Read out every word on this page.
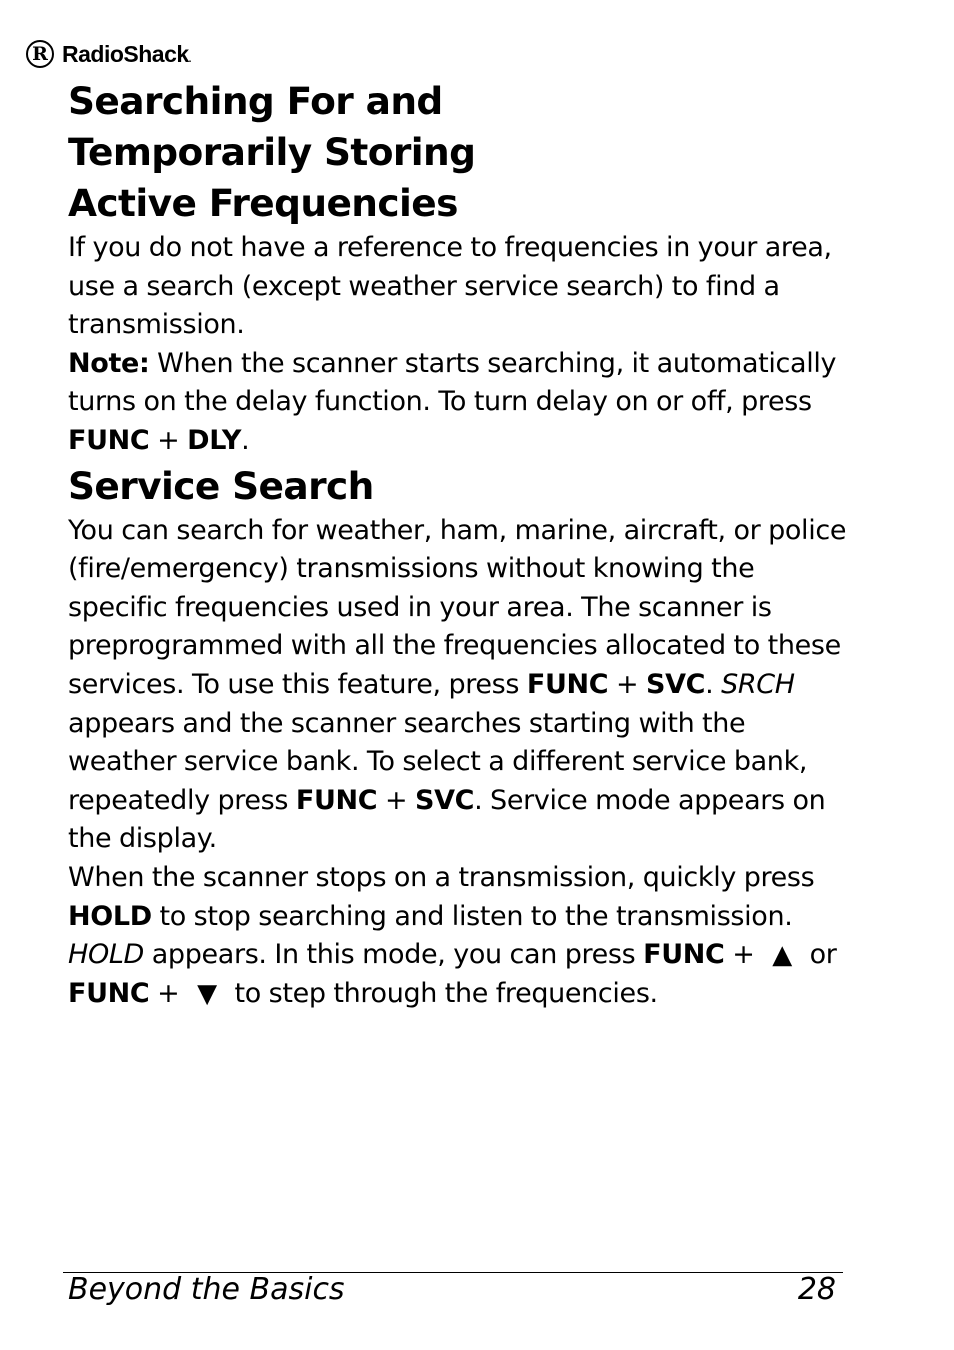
R RadioShack.
Searching For and
Temporarily Storing
Active Frequencies

If you do not have a reference to frequencies in your area, use a search (except weather service search) to find a transmission.

Note: When the scanner starts searching, it automatically turns on the delay function. To turn delay on or off, press FUNC + DLY.

Service Search

You can search for weather, ham, marine, aircraft, or police (fire/emergency) transmissions without knowing the specific frequencies used in your area. The scanner is preprogrammed with all the frequencies allocated to these services. To use this feature, press FUNC + SVC. SRCH appears and the scanner searches starting with the weather service bank. To select a different service bank, repeatedly press FUNC + SVC. Service mode appears on the display.

When the scanner stops on a transmission, quickly press HOLD to stop searching and listen to the transmission. HOLD appears. In this mode, you can press FUNC + ▲ or FUNC + ▼ to step through the frequencies.

Beyond the Basics	28
